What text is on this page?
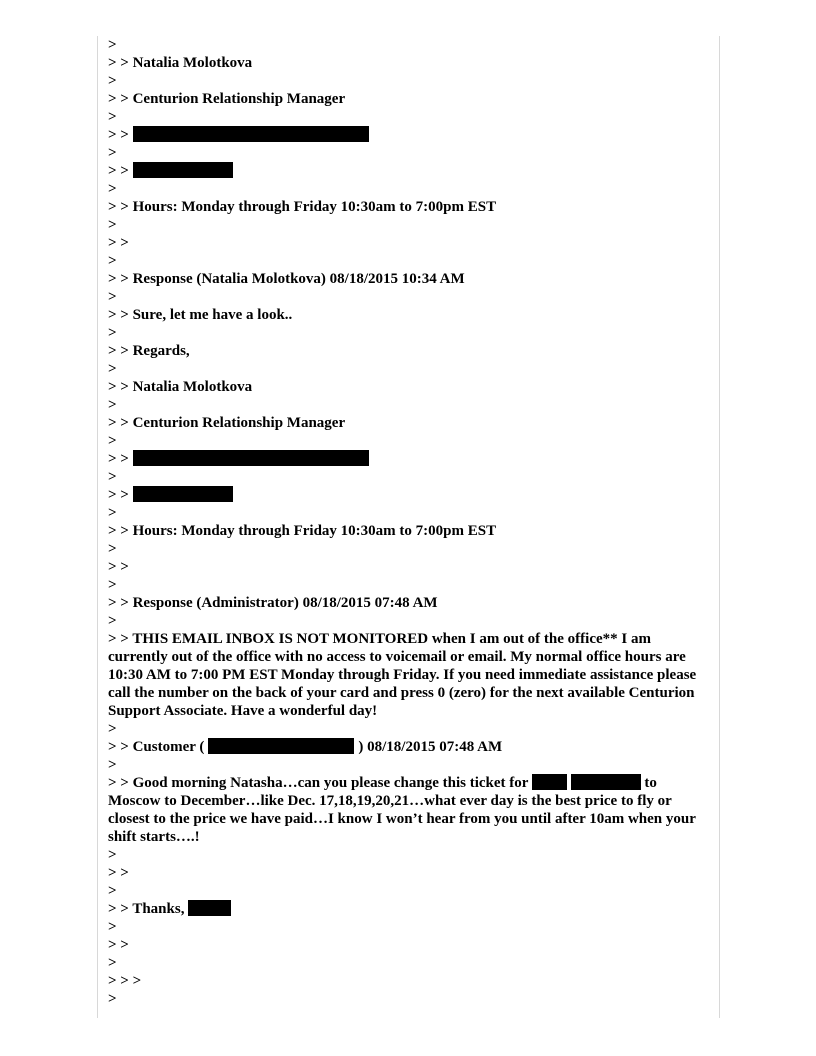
>
> > Natalia Molotkova
>
> > Centurion Relationship Manager
>
> >
>
> >
>
> > Hours: Monday through Friday 10:30am to 7:00pm EST
>
> >
>
> > Response (Natalia Molotkova) 08/18/2015 10:34 AM
>
> > Sure, let me have a look..
>
> > Regards,
>
> > Natalia Molotkova
>
> > Centurion Relationship Manager
>
> >
>
> >
>
> > Hours: Monday through Friday 10:30am to 7:00pm EST
>
> >
>
> > Response (Administrator) 08/18/2015 07:48 AM
>
> > THIS EMAIL INBOX IS NOT MONITORED when I am out of the office** I am currently out of the office with no access to voicemail or email. My normal office hours are 10:30 AM to 7:00 PM EST Monday through Friday. If you need immediate assistance please call the number on the back of your card and press 0 (zero) for the next available Centurion Support Associate. Have a wonderful day!
>
> > Customer (	) 08/18/2015 07:48 AM
>
> > Good morning Natasha…can you please change this ticket for	to Moscow to December…like Dec. 17,18,19,20,21…what ever day is the best price to fly or closest to the price we have paid…I know I won’t hear from you until after 10am when your shift starts….!
>
> >
>
> > Thanks,
>
> >
>
> > >
>
